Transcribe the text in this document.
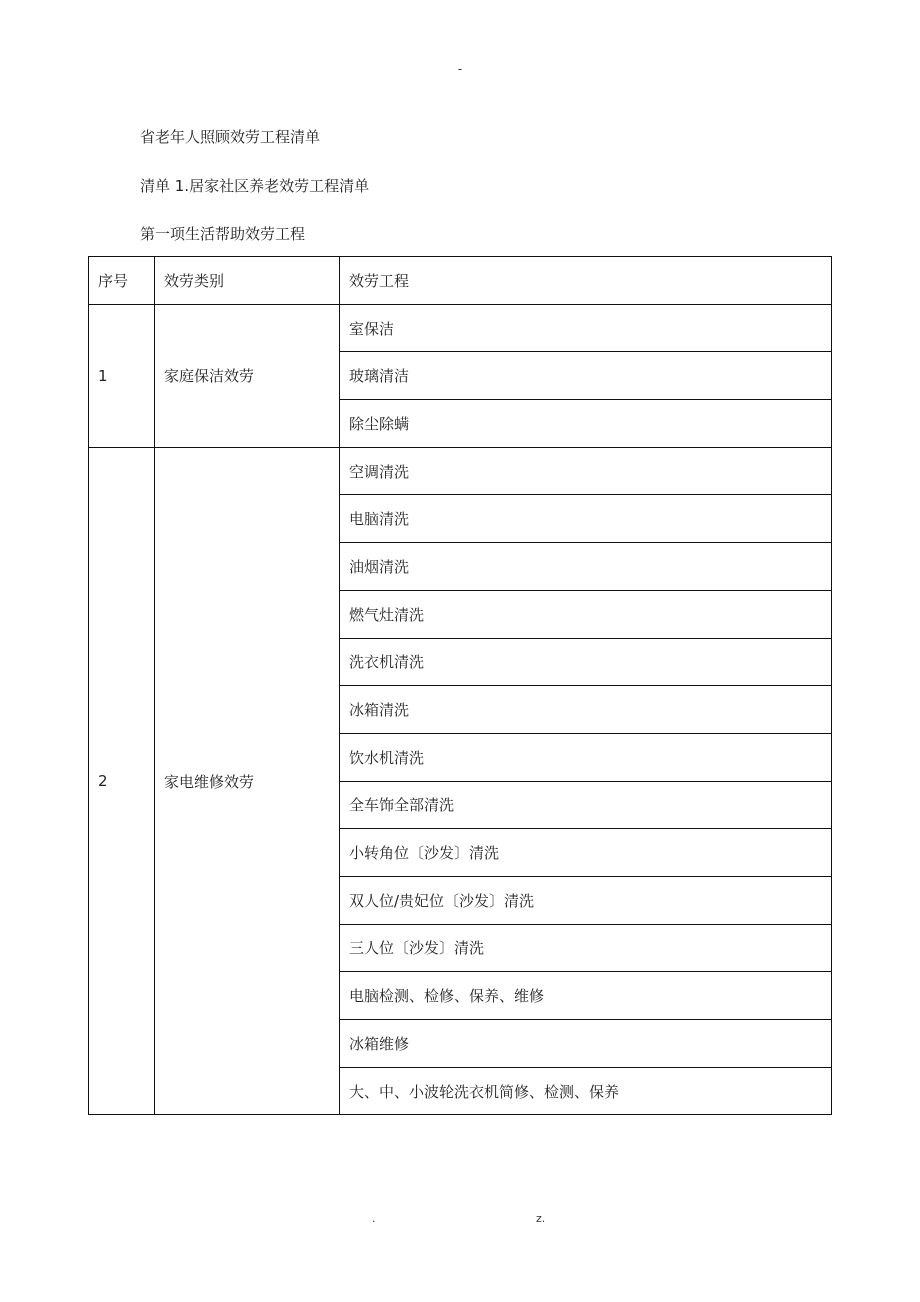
-
省老年人照顾效劳工程清单
清单 1.居家社区养老效劳工程清单
第一项生活帮助效劳工程
序号	效劳类别	效劳工程
1	家庭保洁效劳	室保洁
		玻璃清洁
		除尘除螨
2	家电维修效劳	空调清洗
		电脑清洗
		油烟清洗
		燃气灶清洗
		洗衣机清洗
		冰箱清洗
		饮水机清洗
		全车饰全部清洗
		小转角位〔沙发〕清洗
		双人位/贵妃位〔沙发〕清洗
		三人位〔沙发〕清洗
		电脑检测、检修、保养、维修
		冰箱维修
		大、中、小波轮洗衣机简修、检测、保养
.	z.
